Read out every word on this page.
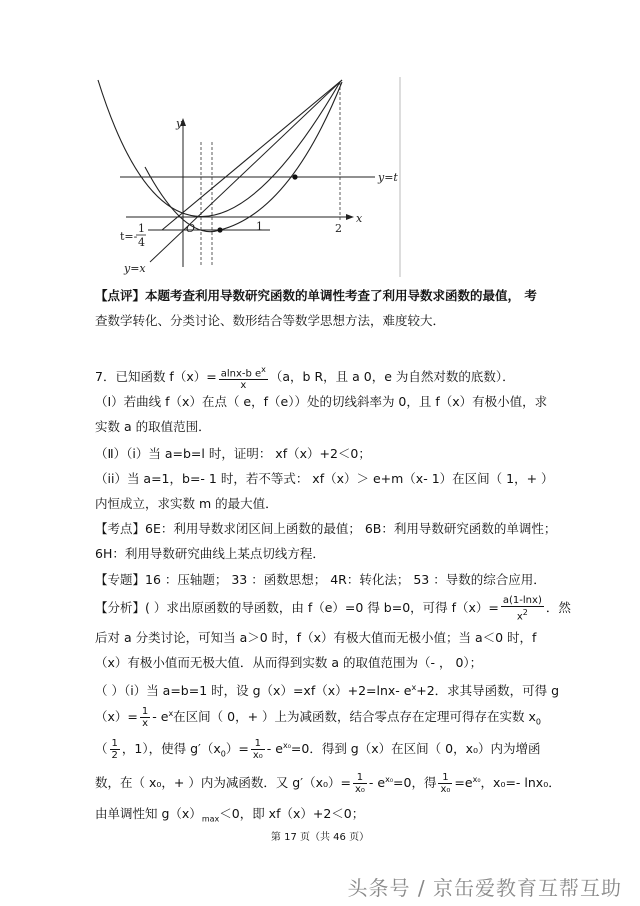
y
x
O
y=t
y=x
1	2
t=-
1
4
【点评】本题考查利用导数研究函数的单调性考查了利用导数求函数的最值， 考
查数学转化、分类讨论、数形结合等数学思想方法，难度较大．
7．已知函数 $f(x)= \frac{alnx-b e^x}{x} (a$，b R，且 a 0，e 为自然对数的底数）．
（Ⅰ）若曲线 f（x）在点（ e，f（e））处的切线斜率为 0，且 f（x）有极小值，求
实数 a 的取值范围．
（Ⅱ）（i）当 a=b=l 时，证明： xf（x）+2＜0；
（ii）当 a=1，b=- 1 时，若不等式： xf（x）＞ e+m（x- 1）在区间（ 1，+ ）
内恒成立，求实数 m 的最大值．
【考点】6E：利用导数求闭区间上函数的最值； 6B：利用导数研究函数的单调性；
6H：利用导数研究曲线上某点切线方程．
【专题】16 ：压轴题； 33 ：函数思想； 4R：转化法； 53 ：导数的综合应用．
【分析】( ）求出原函数的导函数，由 f（e）=0 得 b=0，可得 $f(x)= \frac{a(1-\ln x)}{x^2}$ ．然
后对 a 分类讨论，可知当 a＞0 时，f（x）有极大值而无极小值；当 a＜0 时，f
（x）有极小值而无极大值．从而得到实数 a 的取值范围为（- ， 0）；
（ ）（i）当 a=b=1 时，设 g（x）=xf（x）+2=lnx- $e^x+2$．求其导函数，可得 g
$(x)= \frac{1}{x} - e^x$在区间（ 0，+ ）上为减函数，结合零点存在定理可得存在实数 $x_0$
（ $\frac{1}{2}$ ，1），使得 $g'(x_0)= \frac{1}{\text{x₀}} - e^{x_0}=0$．得到 g（x）在区间（ 0，x₀）内为增函
数，在（ x₀，+ ）内为减函数．又 $g'(x_0)= \frac{1}{\text{x₀}} - e^{x_0}=0$，得 $\frac{1}{\text{x₀}} =e^{x_0}$，x₀=- lnx₀．
由单调性知 $g(x)_{max}<0$，即 xf（x）+2＜0；
第 17 页（共 46 页）
头条号 / 京缶爱教育互帮互助
